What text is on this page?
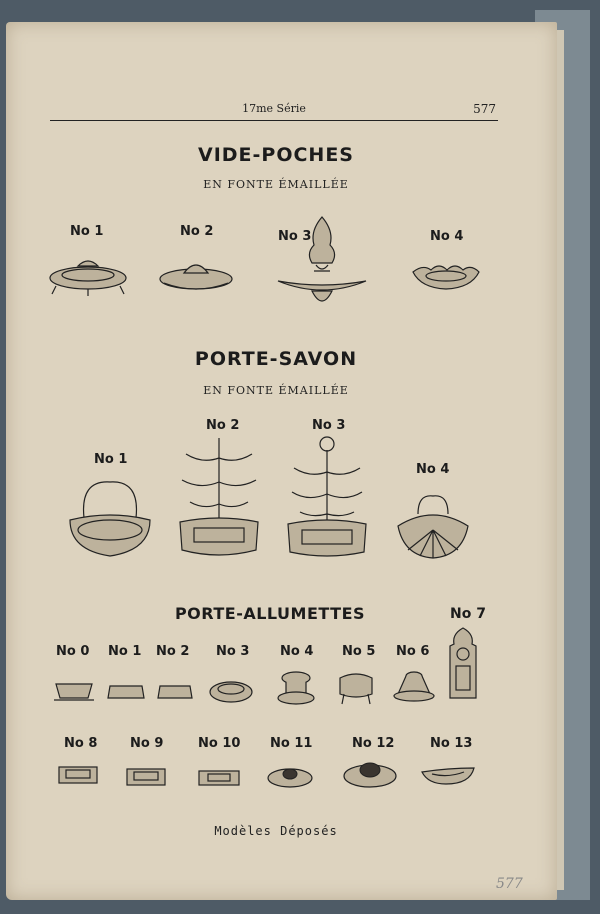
17me Série	577
VIDE-POCHES
EN FONTE ÉMAILLÉE
No 1	No 2	No 3	No 4
PORTE-SAVON
EN FONTE ÉMAILLÉE
No 1
No 2	No 3
No 4
PORTE-ALLUMETTES	No 7
No 0 No 1 No 2 No 3 No 4 No 5 No 6
No 8	No 9	No 10 No 11	No 12	No 13
Modèles Déposés
577
